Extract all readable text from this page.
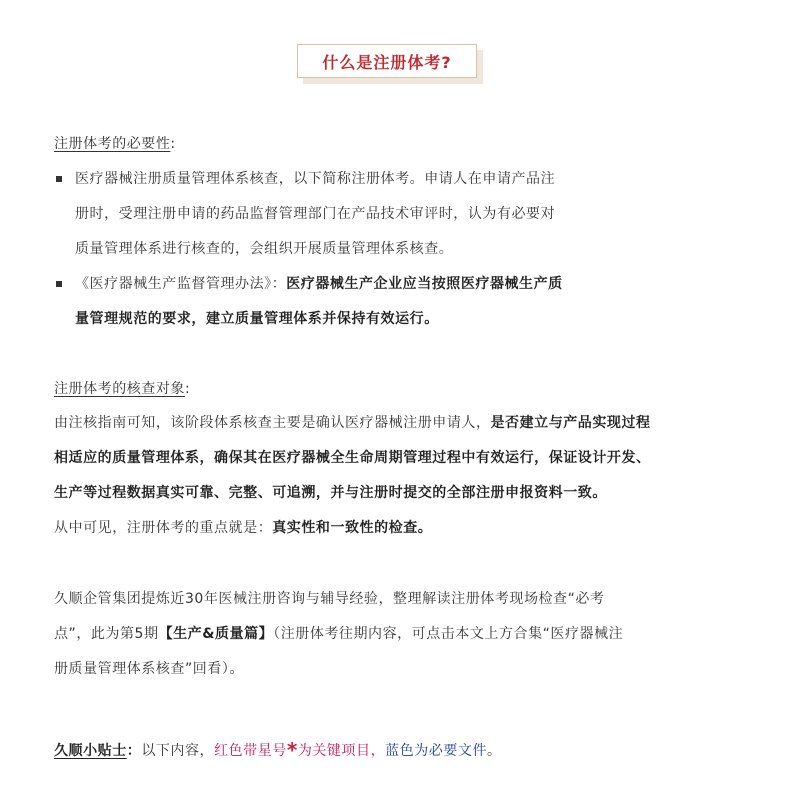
什么是注册体考?
注册体考的必要性:
医疗器械注册质量管理体系核查，以下简称注册体考。申请人在申请产品注
册时，受理注册申请的药品监督管理部门在产品技术审评时，认为有必要对
质量管理体系进行核查的，会组织开展质量管理体系核查。
《医疗器械生产监督管理办法》：医疗器械生产企业应当按照医疗器械生产质
量管理规范的要求，建立质量管理体系并保持有效运行。
注册体考的核查对象:
由注核指南可知，该阶段体系核查主要是确认医疗器械注册申请人，是否建立与产品实现过程
相适应的质量管理体系，确保其在医疗器械全生命周期管理过程中有效运行，保证设计开发、
生产等过程数据真实可靠、完整、可追溯，并与注册时提交的全部注册申报资料一致。
从中可见，注册体考的重点就是：真实性和一致性的检查。
久顺企管集团提炼近30年医械注册咨询与辅导经验，整理解读注册体考现场检查“必考
点”，此为第5期【生产&质量篇】（注册体考往期内容，可点击本文上方合集“医疗器械注
册质量管理体系核查”回看）。
久顺小贴士：以下内容，红色带星号*为关键项目，蓝色为必要文件。
